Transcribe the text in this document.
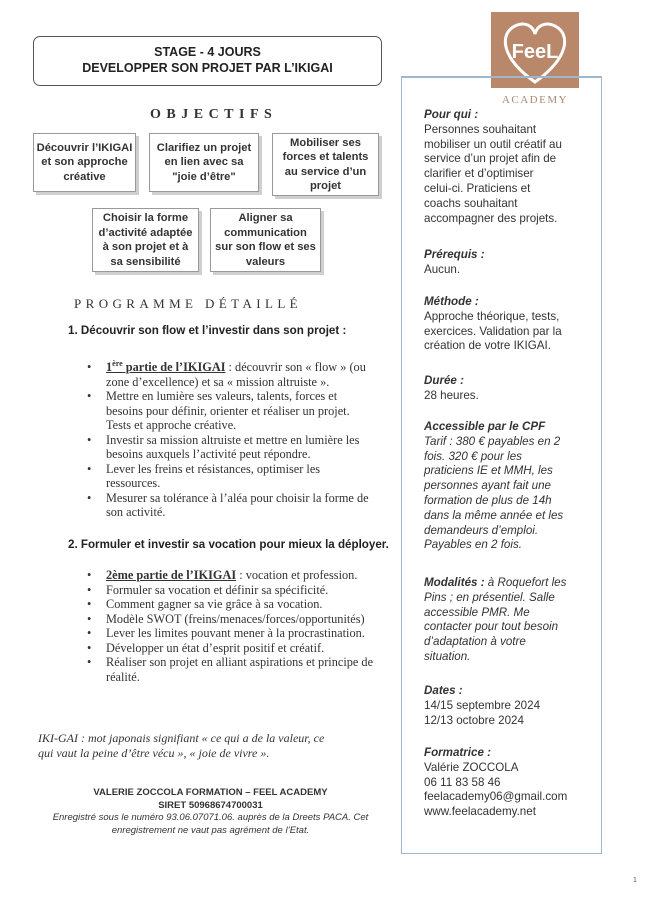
STAGE - 4 JOURS
DEVELOPPER SON PROJET PAR L’IKIGAI
FeeL
ACADEMY
Pour qui :
Personnes souhaitant
mobiliser un outil créatif au
service d’un projet afin de
clarifier et d’optimiser
celui-ci. Praticiens et
coachs souhaitant
accompagner des projets.
Prérequis :
Aucun.
Méthode :
Approche théorique, tests,
exercices. Validation par la
création de votre IKIGAI.
Durée :
28 heures.
Accessible par le CPF
Tarif : 380 € payables en 2
fois. 320 € pour les
praticiens IE et MMH, les
personnes ayant fait une
formation de plus de 14h
dans la même année et les
demandeurs d’emploi.
Payables en 2 fois.
Modalités : à Roquefort les
Pins ; en présentiel. Salle
accessible PMR. Me
contacter pour tout besoin
d’adaptation à votre
situation.
Dates :
14/15 septembre 2024
12/13 octobre 2024
Formatrice :
Valérie ZOCCOLA
06 11 83 58 46
feelacademy06@gmail.com
www.feelacademy.net
OBJECTIFS
Découvrir l’IKIGAI
et son approche
créative
Clarifiez un projet
en lien avec sa
"joie d’être"
Mobiliser ses
forces et talents
au service d’un
projet
Choisir la forme
d’activité adaptée
à son projet et à
sa sensibilité
Aligner sa
communication
sur son flow et ses
valeurs
PROGRAMME DÉTAILLÉ
1. Découvrir son flow et l’investir dans son projet :
• 1ère partie de l’IKIGAI : découvrir son « flow » (ou
zone d’excellence) et sa « mission altruiste ».
• Mettre en lumière ses valeurs, talents, forces et
besoins pour définir, orienter et réaliser un projet.
Tests et approche créative.
• Investir sa mission altruiste et mettre en lumière les
besoins auxquels l’activité peut répondre.
• Lever les freins et résistances, optimiser les
ressources.
• Mesurer sa tolérance à l’aléa pour choisir la forme de
son activité.
2. Formuler et investir sa vocation pour mieux la déployer.
• 2ème partie de l’IKIGAI : vocation et profession.
• Formuler sa vocation et définir sa spécificité.
• Comment gagner sa vie grâce à sa vocation.
• Modèle SWOT (freins/menaces/forces/opportunités)
• Lever les limites pouvant mener à la procrastination.
• Développer un état d’esprit positif et créatif.
• Réaliser son projet en alliant aspirations et principe de
réalité.
IKI-GAI : mot japonais signifiant « ce qui a de la valeur, ce
qui vaut la peine d’être vécu », « joie de vivre ».
VALERIE ZOCCOLA FORMATION – FEEL ACADEMY
SIRET 50968674700031
Enregistré sous le numéro 93.06.07071.06. auprès de la Dreets PACA. Cet
enregistrement ne vaut pas agrément de l’Etat.
1
